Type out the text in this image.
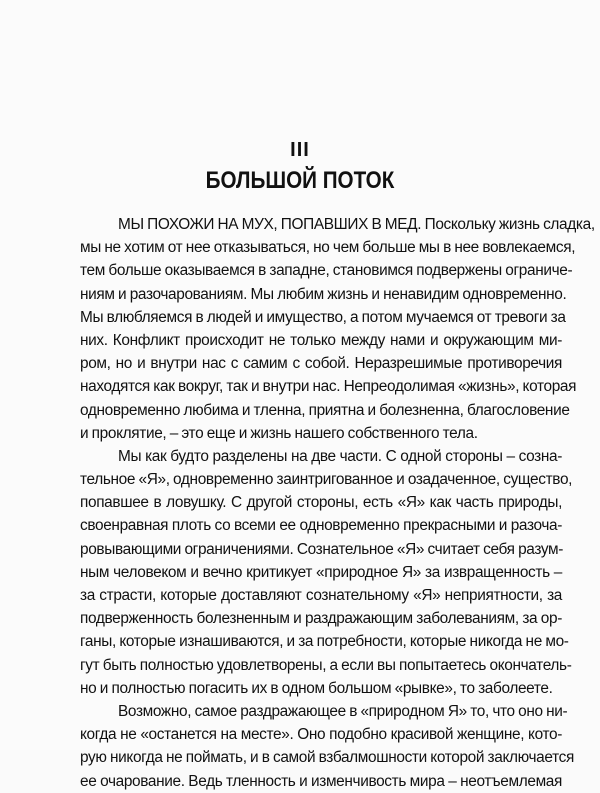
III
БОЛЬШОЙ ПОТОК
МЫ ПОХОЖИ НА МУХ, ПОПАВШИХ В МЕД. Поскольку жизнь сладка,
мы не хотим от нее отказываться, но чем больше мы в нее вовлекаемся,
тем больше оказываемся в западне, становимся подвержены ограниче-
ниям и разочарованиям. Мы любим жизнь и ненавидим одновременно.
Мы влюбляемся в людей и имущество, а потом мучаемся от тревоги за
них. Конфликт происходит не только между нами и окружающим ми-
ром, но и внутри нас с самим с собой. Неразрешимые противоречия
находятся как вокруг, так и внутри нас. Непреодолимая «жизнь», которая
одновременно любима и тленна, приятна и болезненна, благословение
и проклятие, – это еще и жизнь нашего собственного тела.
Мы как будто разделены на две части. С одной стороны – созна-
тельное «Я», одновременно заинтригованное и озадаченное, существо,
попавшее в ловушку. С другой стороны, есть «Я» как часть природы,
своенравная плоть со всеми ее одновременно прекрасными и разоча-
ровывающими ограничениями. Сознательное «Я» считает себя разум-
ным человеком и вечно критикует «природное Я» за извращенность –
за страсти, которые доставляют сознательному «Я» неприятности, за
подверженность болезненным и раздражающим заболеваниям, за ор-
ганы, которые изнашиваются, и за потребности, которые никогда не мо-
гут быть полностью удовлетворены, а если вы попытаетесь окончатель-
но и полностью погасить их в одном большом «рывке», то заболеете.
Возможно, самое раздражающее в «природном Я» то, что оно ни-
когда не «останется на месте». Оно подобно красивой женщине, кото-
рую никогда не поймать, и в самой взбалмошности которой заключается
ее очарование. Ведь тленность и изменчивость мира – неотъемлемая
